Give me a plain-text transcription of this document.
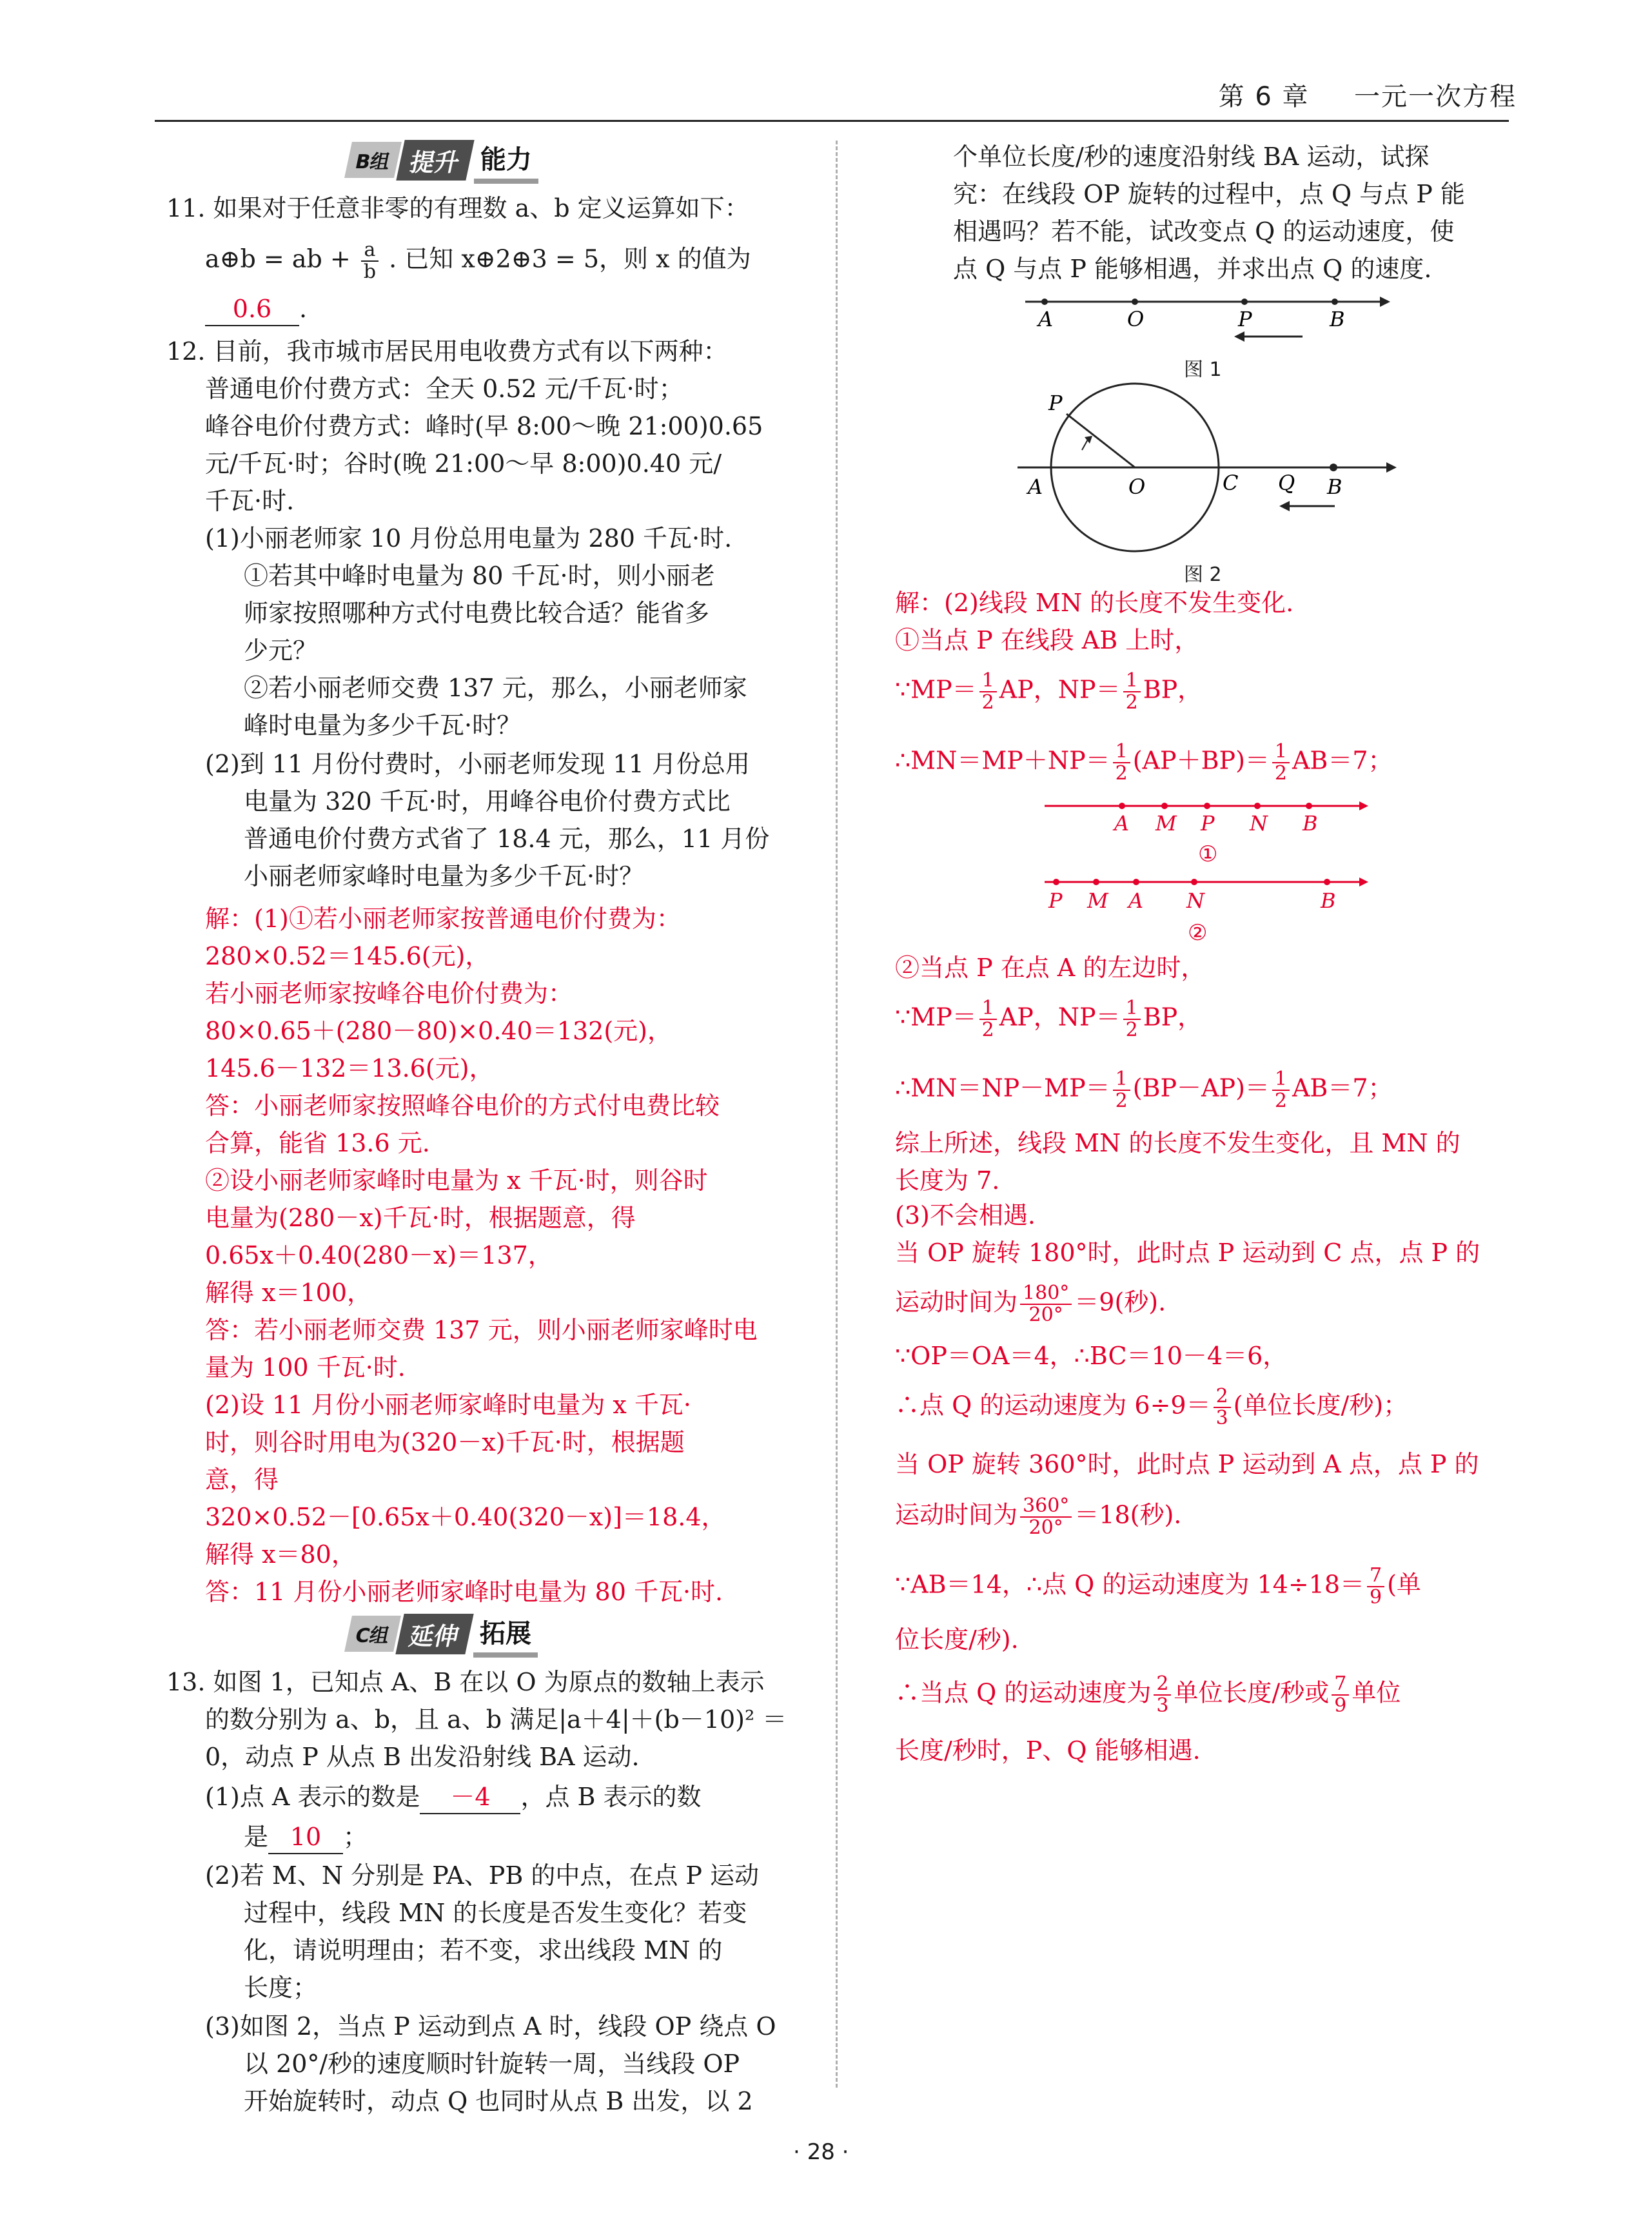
第 6 章 一元一次方程
B组 提升 能力
11. 如果对于任意非零的有理数 a、b 定义运算如下：
a⊕b = ab + $\frac{a}{b}$ . 已知 x⊕2⊕3 = 5，则 x 的值为
0.6 .
12. 目前，我市城市居民用电收费方式有以下两种：
普通电价付费方式：全天 0.52 元/千瓦·时；
峰谷电价付费方式：峰时(早 8:00～晚 21:00)0.65
元/千瓦·时；谷时(晚 21:00～早 8:00)0.40 元/
千瓦·时.
(1)小丽老师家 10 月份总用电量为 280 千瓦·时.
①若其中峰时电量为 80 千瓦·时，则小丽老
师家按照哪种方式付电费比较合适？能省多
少元？
②若小丽老师交费 137 元，那么，小丽老师家
峰时电量为多少千瓦·时？
(2)到 11 月份付费时，小丽老师发现 11 月份总用
电量为 320 千瓦·时，用峰谷电价付费方式比
普通电价付费方式省了 18.4 元，那么，11 月份
小丽老师家峰时电量为多少千瓦·时？
解：(1)①若小丽老师家按普通电价付费为：
280×0.52＝145.6(元)，
若小丽老师家按峰谷电价付费为：
80×0.65＋(280－80)×0.40＝132(元)，
145.6－132＝13.6(元)，
答：小丽老师家按照峰谷电价的方式付电费比较
合算，能省 13.6 元.
②设小丽老师家峰时电量为 x 千瓦·时，则谷时
电量为(280－x)千瓦·时，根据题意，得
0.65x＋0.40(280－x)＝137，
解得 x＝100，
答：若小丽老师交费 137 元，则小丽老师家峰时电
量为 100 千瓦·时.
(2)设 11 月份小丽老师家峰时电量为 x 千瓦·
时，则谷时用电为(320－x)千瓦·时，根据题
意，得
320×0.52－[0.65x＋0.40(320－x)]＝18.4，
解得 x＝80，
答：11 月份小丽老师家峰时电量为 80 千瓦·时.
C组 延伸 拓展
13. 如图 1，已知点 A、B 在以 O 为原点的数轴上表示
的数分别为 a、b，且 a、b 满足|a＋4|＋(b－10)² ＝
0，动点 P 从点 B 出发沿射线 BA 运动.
(1)点 A 表示的数是 －4 ，点 B 表示的数
是 10 ；
(2)若 M、N 分别是 PA、PB 的中点，在点 P 运动
过程中，线段 MN 的长度是否发生变化？若变
化，请说明理由；若不变，求出线段 MN 的
长度；
(3)如图 2，当点 P 运动到点 A 时，线段 OP 绕点 O
以 20°/秒的速度顺时针旋转一周，当线段 OP
开始旋转时，动点 Q 也同时从点 B 出发，以 2
个单位长度/秒的速度沿射线 BA 运动，试探
究：在线段 OP 旋转的过程中，点 Q 与点 P 能
相遇吗？若不能，试改变点 Q 的运动速度，使
点 Q 与点 P 能够相遇，并求出点 Q 的速度.
A	O	P	B
图 1
P
A	O	C Q B
图 2
解：(2)线段 MN 的长度不发生变化.
①当点 P 在线段 AB 上时，
∵MP＝ $\frac{1}{2}$ AP，$NP= \frac{1}{2}$ BP，
∴MN＝MP＋NP＝ $\frac{1}{2} (AP+BP)= \frac{1}{2} AB=7$；
A M P N B
①
P M A N	B
②
②当点 P 在点 A 的左边时，
∵MP＝ $\frac{1}{2}$ AP，$NP= \frac{1}{2}$ BP，
∴MN＝NP－MP＝ $\frac{1}{2} (BP-AP)= \frac{1}{2} AB=7$；
综上所述，线段 MN 的长度不发生变化，且 MN 的
长度为 7.
(3)不会相遇.
当 OP 旋转 180°时，此时点 P 运动到 C 点，点 P 的
运动时间为 $\frac{180^\circ}{20^\circ} =9$(秒).
∵OP＝OA＝4，∴BC＝10－4＝6，
∴点 Q 的运动速度为 $6\div 9= \frac{2}{3}$ (单位长度/秒)；
当 OP 旋转 360°时，此时点 P 运动到 A 点，点 P 的
运动时间为 $\frac{360^\circ}{20^\circ} =18$(秒).
∵AB＝14，∴点 Q 的运动速度为 $14\div 18= \frac{7}{9}$ (单
位长度/秒).
∴当点 Q 的运动速度为 $\frac{2}{3}$ 单位长度/秒或 $\frac{7}{9}$ 单位
长度/秒时，P、Q 能够相遇.
· 28 ·
